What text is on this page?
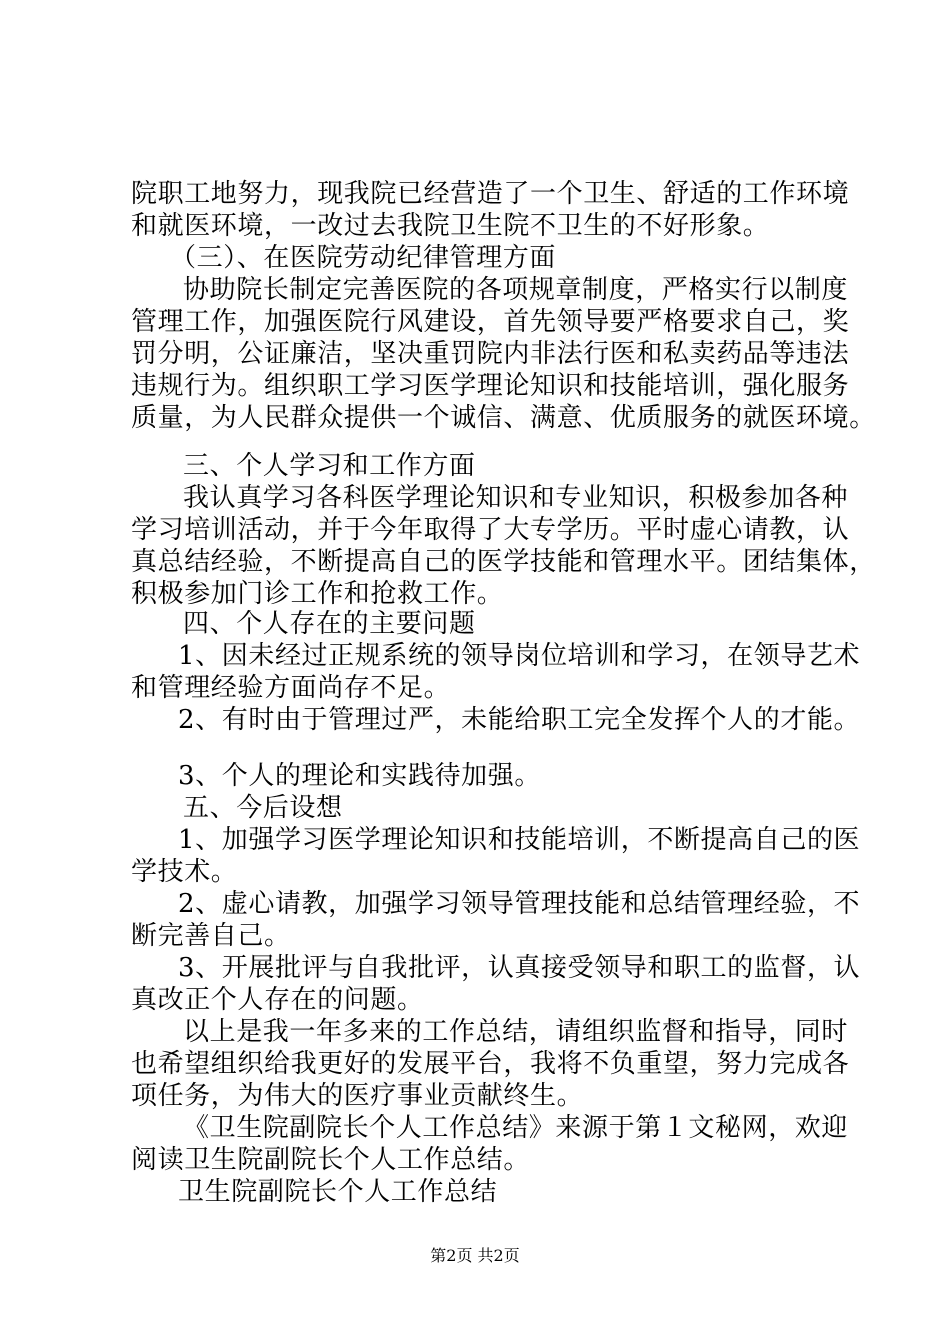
院职工地努力，现我院已经营造了一个卫生、舒适的工作环境
和就医环境，一改过去我院卫生院不卫生的不好形象。
（三）、在医院劳动纪律管理方面
协助院长制定完善医院的各项规章制度，严格实行以制度
管理工作，加强医院行风建设，首先领导要严格要求自己，奖
罚分明，公证廉洁，坚决重罚院内非法行医和私卖药品等违法
违规行为。组织职工学习医学理论知识和技能培训，强化服务
质量，为人民群众提供一个诚信、满意、优质服务的就医环境。
三、个人学习和工作方面
我认真学习各科医学理论知识和专业知识，积极参加各种
学习培训活动，并于今年取得了大专学历。平时虚心请教，认
真总结经验，不断提高自己的医学技能和管理水平。团结集体，
积极参加门诊工作和抢救工作。
四、个人存在的主要问题
1、因未经过正规系统的领导岗位培训和学习，在领导艺术
和管理经验方面尚存不足。
2、有时由于管理过严，未能给职工完全发挥个人的才能。
3、个人的理论和实践待加强。
五、今后设想
1、加强学习医学理论知识和技能培训，不断提高自己的医
学技术。
2、虚心请教，加强学习领导管理技能和总结管理经验，不
断完善自己。
3、开展批评与自我批评，认真接受领导和职工的监督，认
真改正个人存在的问题。
以上是我一年多来的工作总结，请组织监督和指导，同时
也希望组织给我更好的发展平台，我将不负重望，努力完成各
项任务，为伟大的医疗事业贡献终生。
《卫生院副院长个人工作总结》来源于第１文秘网，欢迎
阅读卫生院副院长个人工作总结。
卫生院副院长个人工作总结
第2页 共2页
